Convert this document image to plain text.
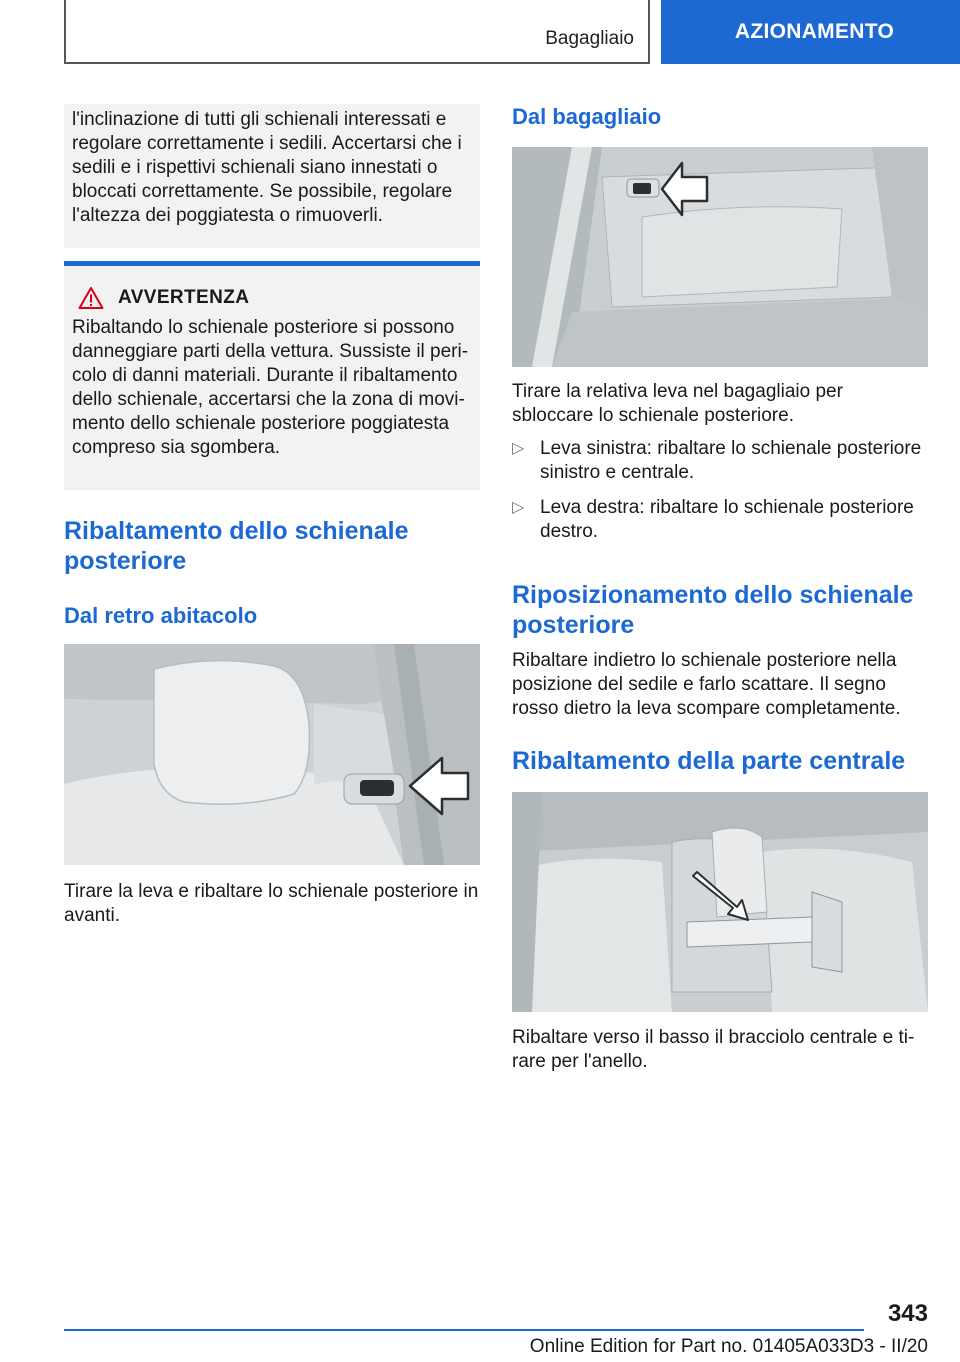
Bagagliaio	AZIONAMENTO

l'inclinazione di tutti gli schienali interessati e regolare correttamente i sedili. Accertarsi che i sedili e i rispettivi schienali siano innestati o bloccati correttamente. Se possibile, regolare l'altezza dei poggiatesta o rimuoverli.

AVVERTENZA

Ribaltando lo schienale posteriore si possono danneggiare parti della vettura. Sussiste il pericolo di danni materiali. Durante il ribaltamento dello schienale, accertarsi che la zona di movimento dello schienale posteriore poggiatesta compreso sia sgombera.

Ribaltamento dello schienale posteriore
Dal retro abitacolo

Tirare la leva e ribaltare lo schienale posteriore in avanti.

Dal bagagliaio

Tirare la relativa leva nel bagagliaio per sbloccare lo schienale posteriore.

▷ Leva sinistra: ribaltare lo schienale posteriore sinistro e centrale.
▷ Leva destra: ribaltare lo schienale posteriore destro.
Riposizionamento dello schienale posteriore

Ribaltare indietro lo schienale posteriore nella posizione del sedile e farlo scattare. Il segno rosso dietro la leva scompare completamente.

Ribaltamento della parte centrale

Ribaltare verso il basso il bracciolo centrale e tirare per l'anello.

343
Online Edition for Part no. 01405A033D3 - II/20
